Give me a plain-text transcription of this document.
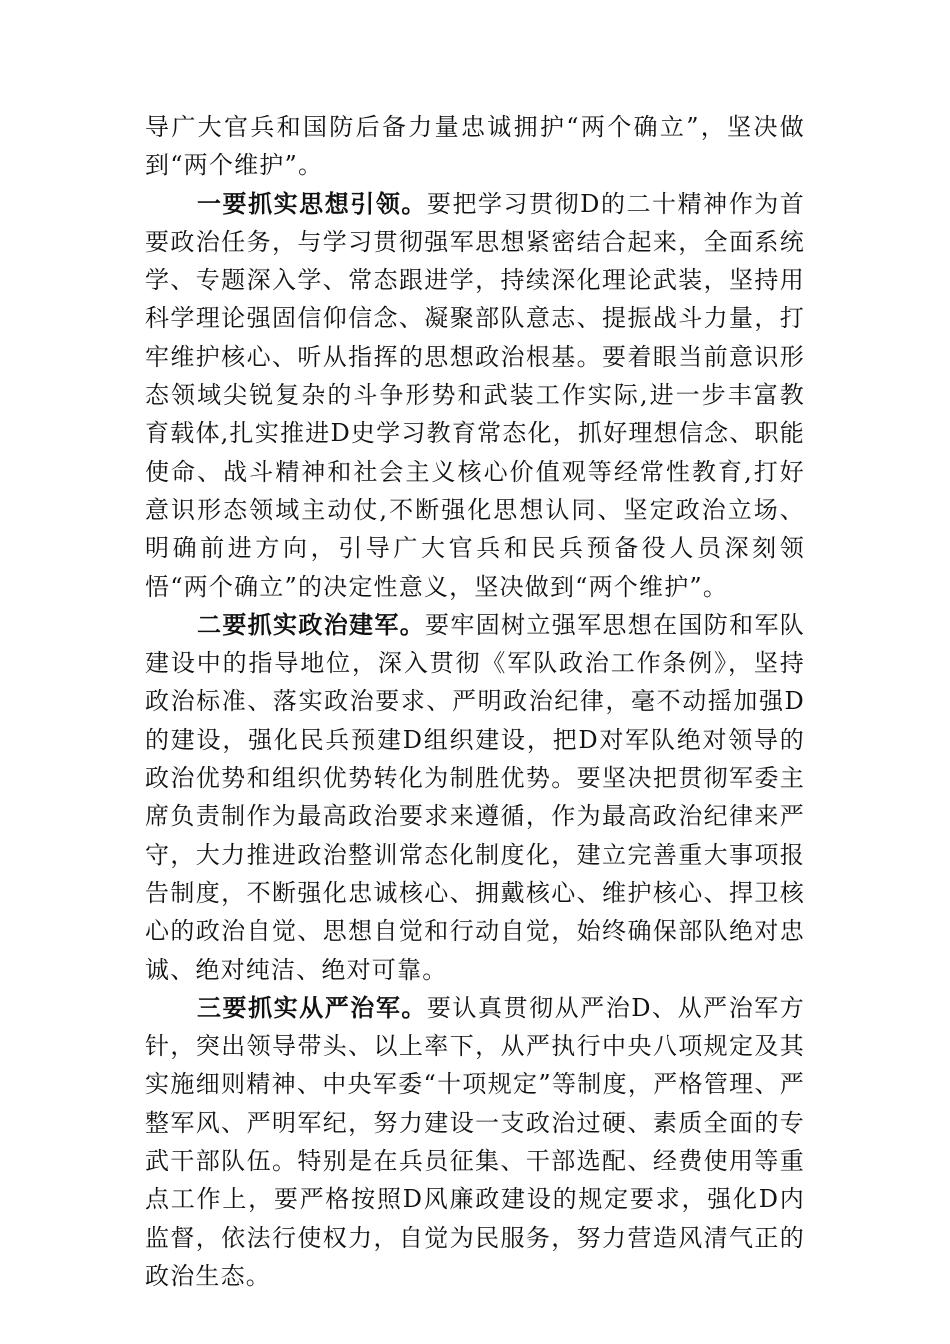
导广大官兵和国防后备力量忠诚拥护“两个确立”，坚决做到“两个维护”。

一要抓实思想引领。要把学习贯彻D的二十精神作为首要政治任务，与学习贯彻强军思想紧密结合起来，全面系统学、专题深入学、常态跟进学，持续深化理论武装，坚持用科学理论强固信仰信念、凝聚部队意志、提振战斗力量，打牢维护核心、听从指挥的思想政治根基。要着眼当前意识形态领域尖锐复杂的斗争形势和武装工作实际,进一步丰富教育载体,扎实推进D史学习教育常态化，抓好理想信念、职能使命、战斗精神和社会主义核心价值观等经常性教育,打好意识形态领域主动仗,不断强化思想认同、坚定政治立场、明确前进方向，引导广大官兵和民兵预备役人员深刻领悟“两个确立”的决定性意义，坚决做到“两个维护”。

二要抓实政治建军。要牢固树立强军思想在国防和军队建设中的指导地位，深入贯彻《军队政治工作条例》，坚持政治标准、落实政治要求、严明政治纪律，毫不动摇加强D的建设，强化民兵预建D组织建设，把D对军队绝对领导的政治优势和组织优势转化为制胜优势。要坚决把贯彻军委主席负责制作为最高政治要求来遵循，作为最高政治纪律来严守，大力推进政治整训常态化制度化，建立完善重大事项报告制度，不断强化忠诚核心、拥戴核心、维护核心、捍卫核心的政治自觉、思想自觉和行动自觉，始终确保部队绝对忠诚、绝对纯洁、绝对可靠。

三要抓实从严治军。要认真贯彻从严治D、从严治军方针，突出领导带头、以上率下，从严执行中央八项规定及其实施细则精神、中央军委“十项规定”等制度，严格管理、严整军风、严明军纪，努力建设一支政治过硬、素质全面的专武干部队伍。特别是在兵员征集、干部选配、经费使用等重点工作上，要严格按照D风廉政建设的规定要求，强化D内监督，依法行使权力，自觉为民服务，努力营造风清气正的政治生态。
